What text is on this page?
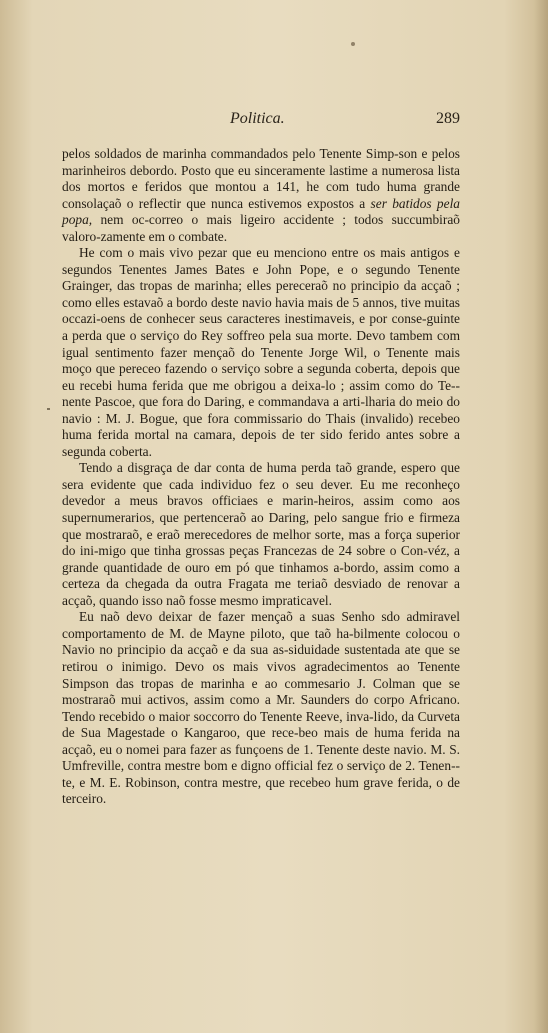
Politica.	289

pelos soldados de marinha commandados pelo Tenente Simp-son e pelos marinheiros debordo. Posto que eu sinceramente lastime a numerosa lista dos mortos e feridos que montou a 141, he com tudo huma grande consolaçaõ o reflectir que nunca estivemos expostos a ser batidos pela popa, nem oc-correo o mais ligeiro accidente ; todos succumbiraõ valoro-zamente em o combate.

He com o mais vivo pezar que eu menciono entre os mais antigos e segundos Tenentes James Bates e John Pope, e o segundo Tenente Grainger, das tropas de marinha; elles pereceraõ no principio da acçaõ ; como elles estavaõ a bordo deste navio havia mais de 5 annos, tive muitas occazi-oens de conhecer seus caracteres inestimaveis, e por conse-guinte a perda que o serviço do Rey soffreo pela sua morte. Devo tambem com igual sentimento fazer mençaõ do Tenente Jorge Wil, o Tenente mais moço que pereceo fazendo o serviço sobre a segunda coberta, depois que eu recebi huma ferida que me obrigou a deixa-lo ; assim como do Te-nente Pascoe, que fora do Daring, e commandava a arti-lharia do meio do navio : M. J. Bogue, que fora commissario do Thais (invalido) recebeo huma ferida mortal na camara, depois de ter sido ferido antes sobre a segunda coberta.

Tendo a disgraça de dar conta de huma perda taõ grande, espero que sera evidente que cada individuo fez o seu dever. Eu me reconheço devedor a meus bravos officiaes e marin-heiros, assim como aos supernumerarios, que pertenceraõ ao Daring, pelo sangue frio e firmeza que mostraraõ, e eraõ merecedores de melhor sorte, mas a força superior do ini-migo que tinha grossas peças Francezas de 24 sobre o Con-véz, a grande quantidade de ouro em pó que tinhamos a-bordo, assim como a certeza da chegada da outra Fragata me teriaõ desviado de renovar a acçaõ, quando isso naõ fosse mesmo impraticavel.

Eu naõ devo deixar de fazer mençaõ a suas Senho sdo admiravel comportamento de M. de Mayne piloto, que taõ ha-bilmente colocou o Navio no principio da acçaõ e da sua as-siduidade sustentada ate que se retirou o inimigo. Devo os mais vivos agradecimentos ao Tenente Simpson das tropas de marinha e ao commesario J. Colman que se mostraraõ mui activos, assim como a Mr. Saunders do corpo Africano. Tendo recebido o maior soccorro do Tenente Reeve, inva-lido, da Curveta de Sua Magestade o Kangaroo, que rece-beo mais de huma ferida na acçaõ, eu o nomei para fazer as funçoens de 1. Tenente deste navio. M. S. Umfreville, contra mestre bom e digno official fez o serviço de 2. Tenen-te, e M. E. Robinson, contra mestre, que recebeo hum grave ferida, o de terceiro.
